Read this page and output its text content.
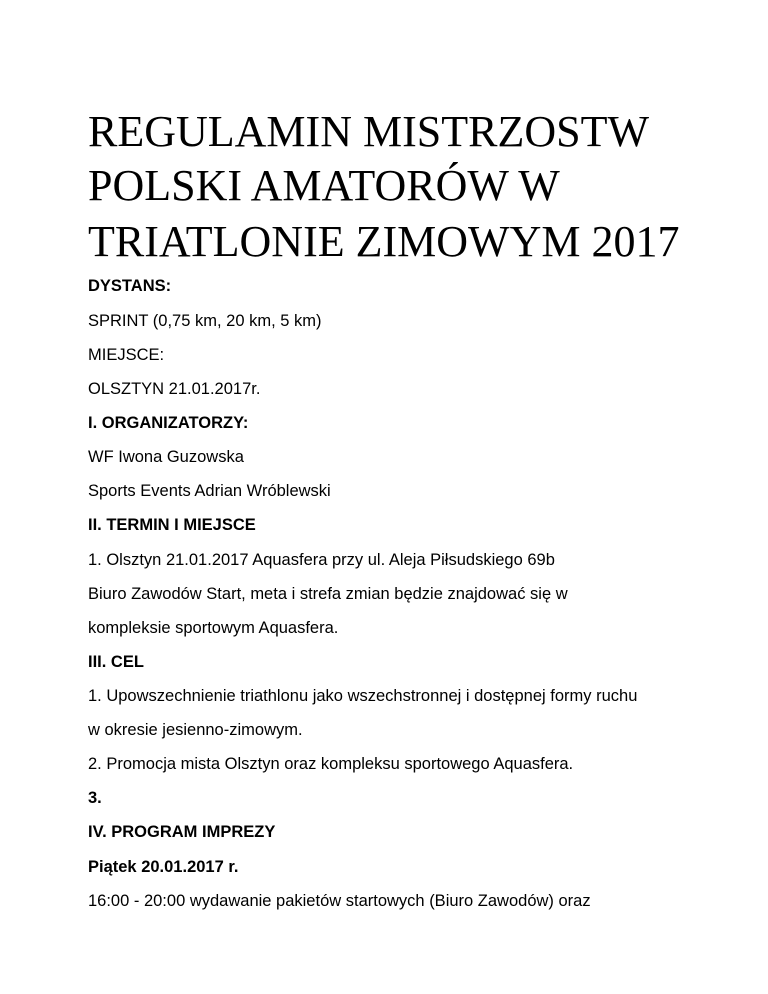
REGULAMIN MISTRZOSTW
POLSKI AMATORÓW W
TRIATLONIE ZIMOWYM 2017

DYSTANS:

SPRINT (0,75 km, 20 km, 5 km)

MIEJSCE:

OLSZTYN 21.01.2017r.

I. ORGANIZATORZY:

WF Iwona Guzowska

Sports Events Adrian Wróblewski

II. TERMIN I MIEJSCE

1. Olsztyn 21.01.2017 Aquasfera przy ul. Aleja Piłsudskiego 69b

Biuro Zawodów Start, meta i strefa zmian będzie znajdować się w

kompleksie sportowym Aquasfera.

III. CEL

1. Upowszechnienie triathlonu jako wszechstronnej i dostępnej formy ruchu

w okresie jesienno-zimowym.

2. Promocja mista Olsztyn oraz kompleksu sportowego Aquasfera.

3.

IV. PROGRAM IMPREZY

Piątek 20.01.2017 r.

16:00 - 20:00 wydawanie pakietów startowych (Biuro Zawodów) oraz
